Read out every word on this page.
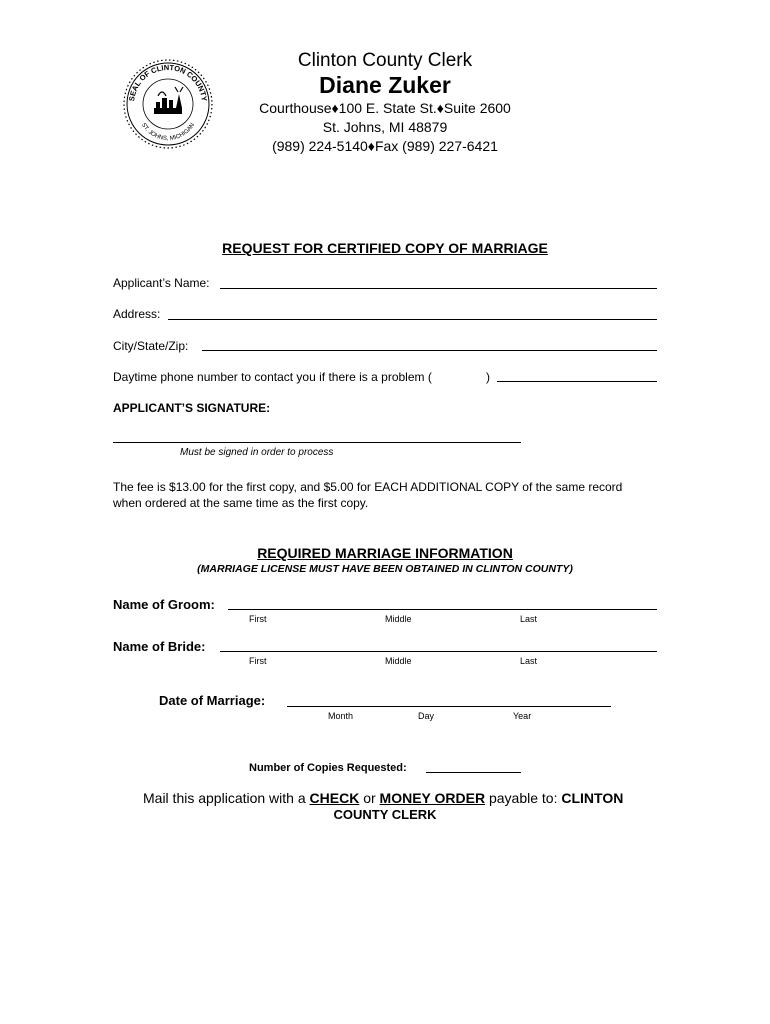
SEAL OF CLINTON COUNTY
ST. JOHNS, MICHIGAN
Clinton County Clerk
Diane Zuker
Courthouse♦100 E. State St.♦Suite 2600
St. Johns, MI 48879
(989) 224-5140♦Fax (989) 227-6421
REQUEST FOR CERTIFIED COPY OF MARRIAGE
Applicant’s Name:
Address:
City/State/Zip:
Daytime phone number to contact you if there is a problem (	)
APPLICANT’S SIGNATURE:
Must be signed in order to process
The fee is $13.00 for the first copy, and $5.00 for EACH ADDITIONAL COPY of the same record
when ordered at the same time as the first copy.
REQUIRED MARRIAGE INFORMATION
(MARRIAGE LICENSE MUST HAVE BEEN OBTAINED IN CLINTON COUNTY)
Name of Groom:
First	Middle	Last
Name of Bride:
First	Middle	Last
Date of Marriage:
Month	Day	Year
Number of Copies Requested:
Mail this application with a CHECK or MONEY ORDER payable to: CLINTON
COUNTY CLERK
